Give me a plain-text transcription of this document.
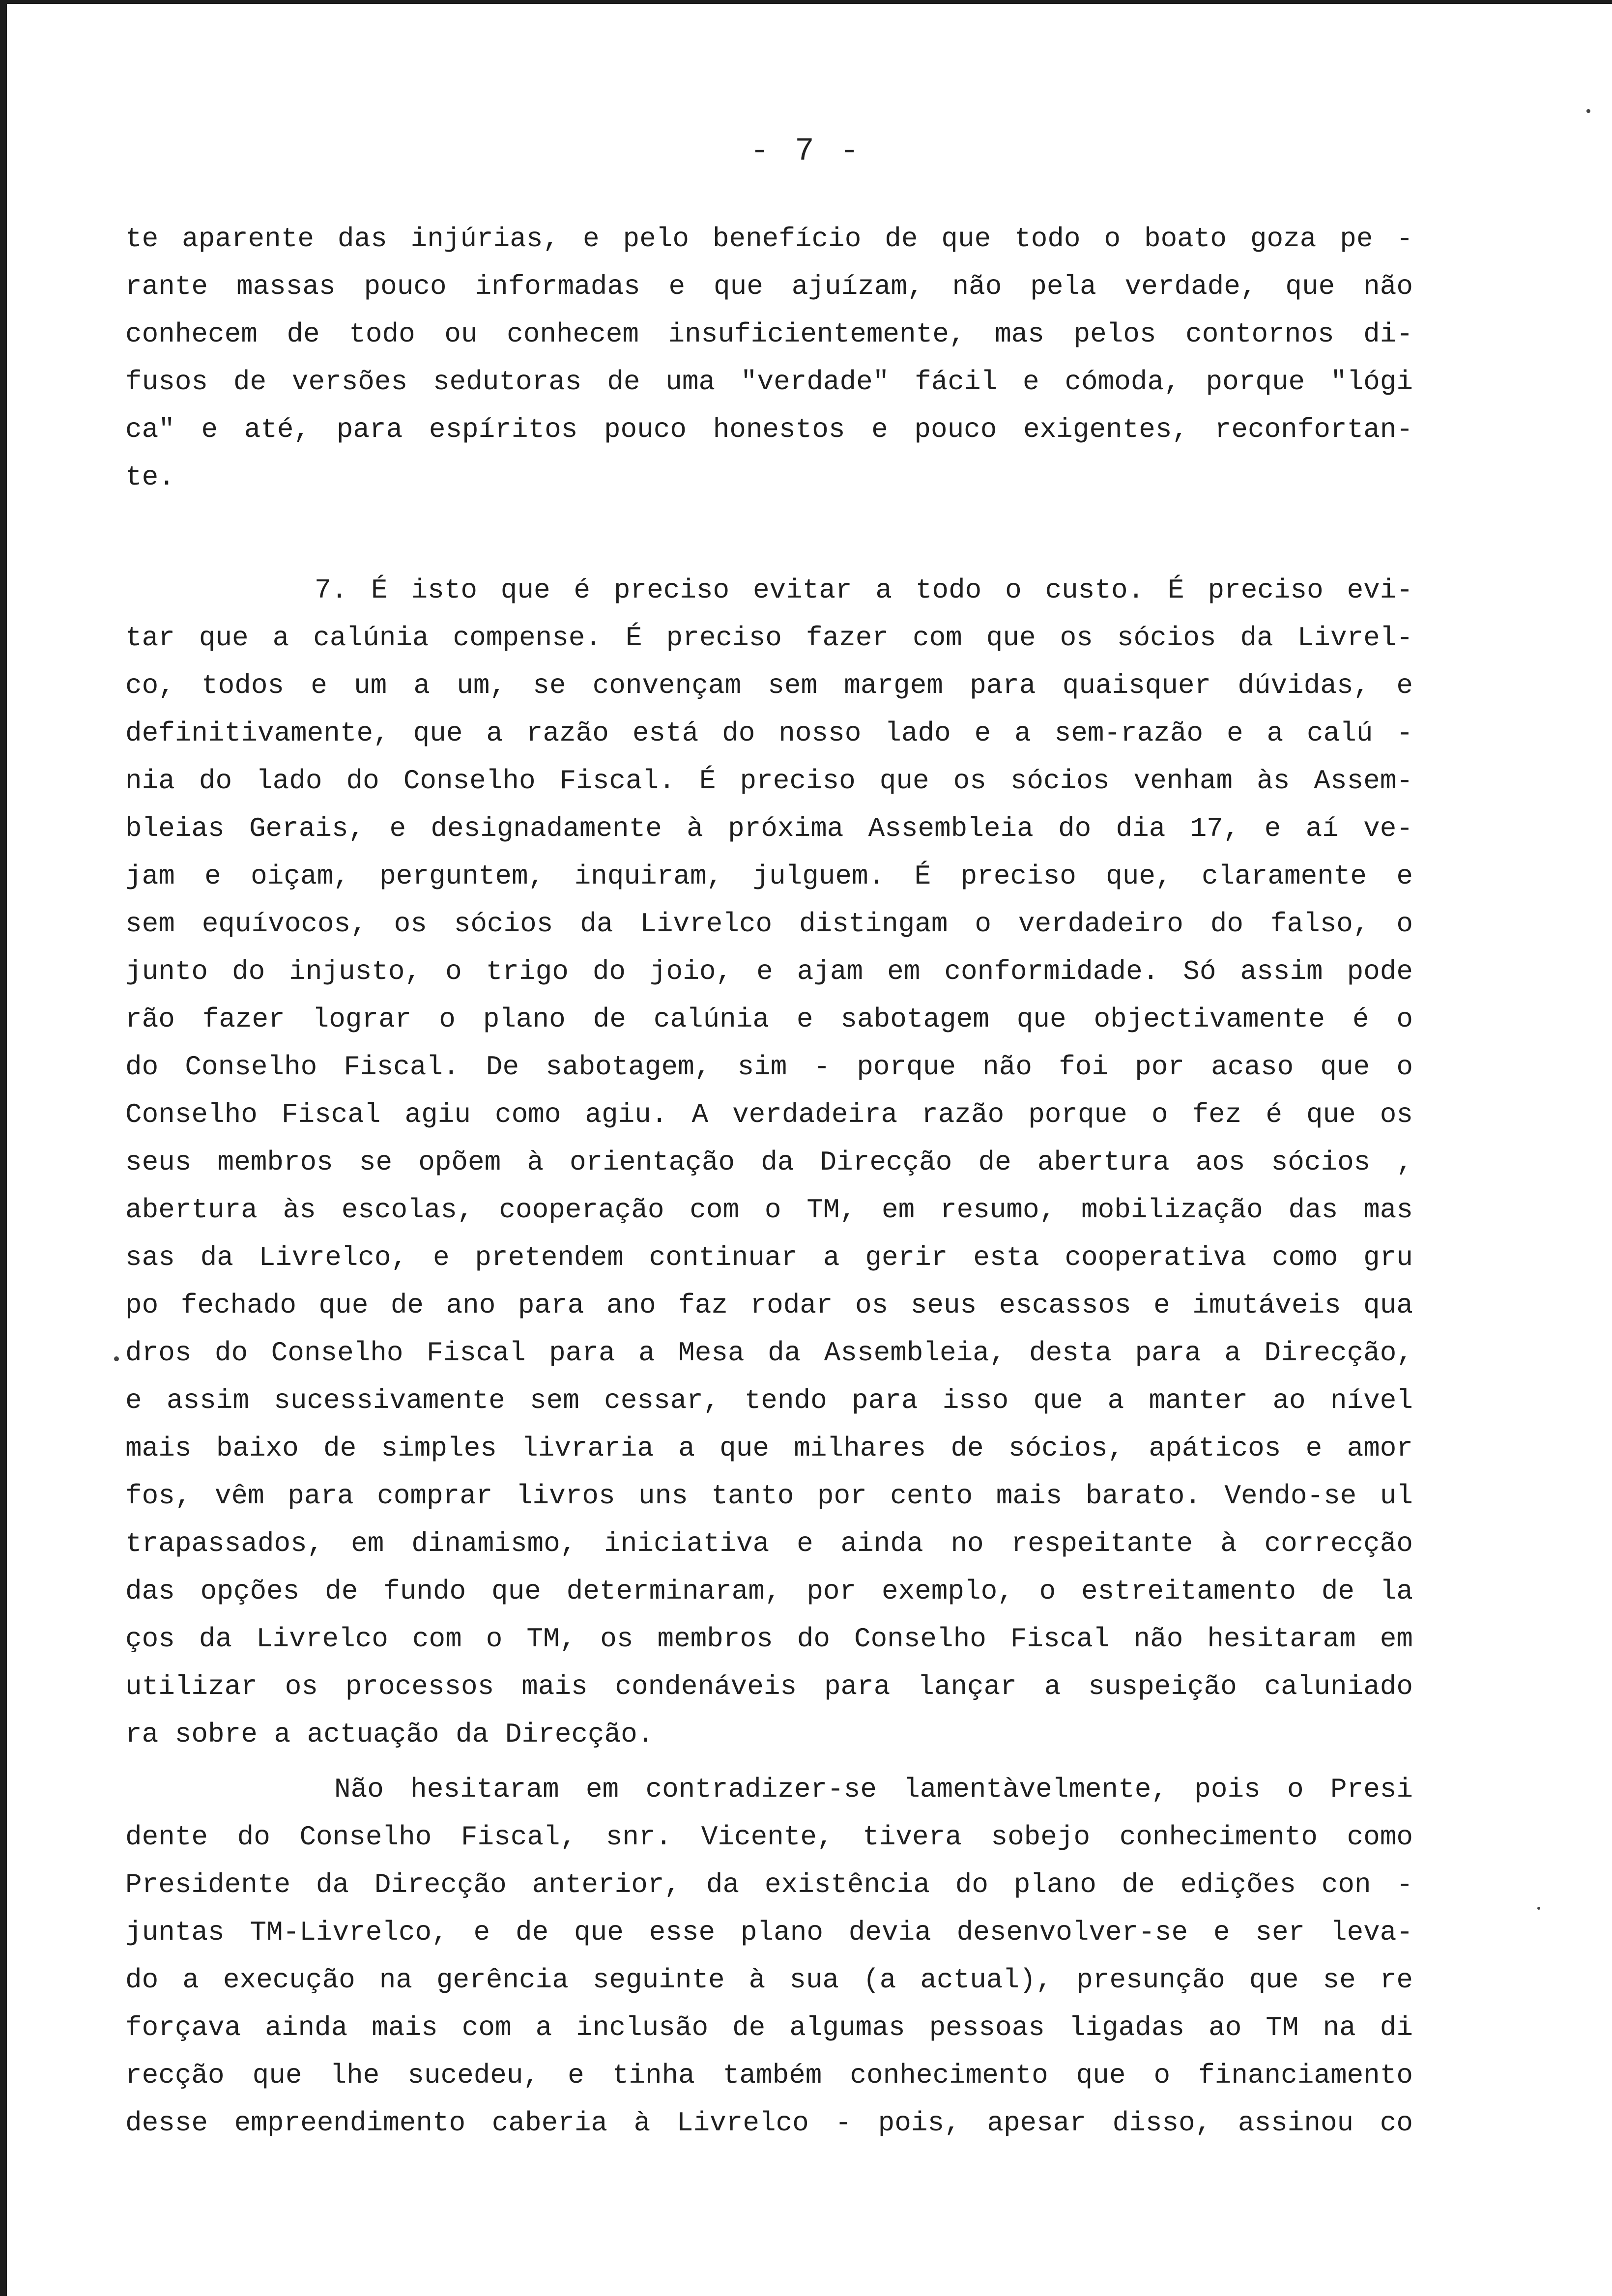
- 7 -
te aparente das injúrias, e pelo benefício de que todo o boato goza pe -
rante massas pouco informadas e que ajuízam, não pela verdade, que não
conhecem de todo ou conhecem insuficientemente, mas pelos contornos di-
fusos de versões sedutoras de uma "verdade" fácil e cómoda, porque "lógi
ca" e até, para espíritos pouco honestos e pouco exigentes, reconfortan-
te.
7. É isto que é preciso evitar a todo o custo. É preciso evi-
tar que a calúnia compense. É preciso fazer com que os sócios da Livrel-
co, todos e um a um, se convençam sem margem para quaisquer dúvidas, e
definitivamente, que a razão está do nosso lado e a sem-razão e a calú -
nia do lado do Conselho Fiscal. É preciso que os sócios venham às Assem-
bleias Gerais, e designadamente à próxima Assembleia do dia 17, e aí ve-
jam e oiçam, perguntem, inquiram, julguem. É preciso que, claramente e
sem equívocos, os sócios da Livrelco distingam o verdadeiro do falso, o
junto do injusto, o trigo do joio, e ajam em conformidade. Só assim pode
rão fazer lograr o plano de calúnia e sabotagem que objectivamente é o
do Conselho Fiscal. De sabotagem, sim - porque não foi por acaso que o
Conselho Fiscal agiu como agiu. A verdadeira razão porque o fez é que os
seus membros se opõem à orientação da Direcção de abertura aos sócios ,
abertura às escolas, cooperação com o TM, em resumo, mobilização das mas
sas da Livrelco, e pretendem continuar a gerir esta cooperativa como gru
po fechado que de ano para ano faz rodar os seus escassos e imutáveis qua
dros do Conselho Fiscal para a Mesa da Assembleia, desta para a Direcção,
e assim sucessivamente sem cessar, tendo para isso que a manter ao nível
mais baixo de simples livraria a que milhares de sócios, apáticos e amor
fos, vêm para comprar livros uns tanto por cento mais barato. Vendo-se ul
trapassados, em dinamismo, iniciativa e ainda no respeitante à correcção
das opções de fundo que determinaram, por exemplo, o estreitamento de la
ços da Livrelco com o TM, os membros do Conselho Fiscal não hesitaram em
utilizar os processos mais condenáveis para lançar a suspeição caluniado
ra sobre a actuação da Direcção.
Não hesitaram em contradizer-se lamentàvelmente, pois o Presi
dente do Conselho Fiscal, snr. Vicente, tivera sobejo conhecimento como
Presidente da Direcção anterior, da existência do plano de edições con -
juntas TM-Livrelco, e de que esse plano devia desenvolver-se e ser leva-
do a execução na gerência seguinte à sua (a actual), presunção que se re
forçava ainda mais com a inclusão de algumas pessoas ligadas ao TM na di
recção que lhe sucedeu, e tinha também conhecimento que o financiamento
desse empreendimento caberia à Livrelco - pois, apesar disso, assinou co
